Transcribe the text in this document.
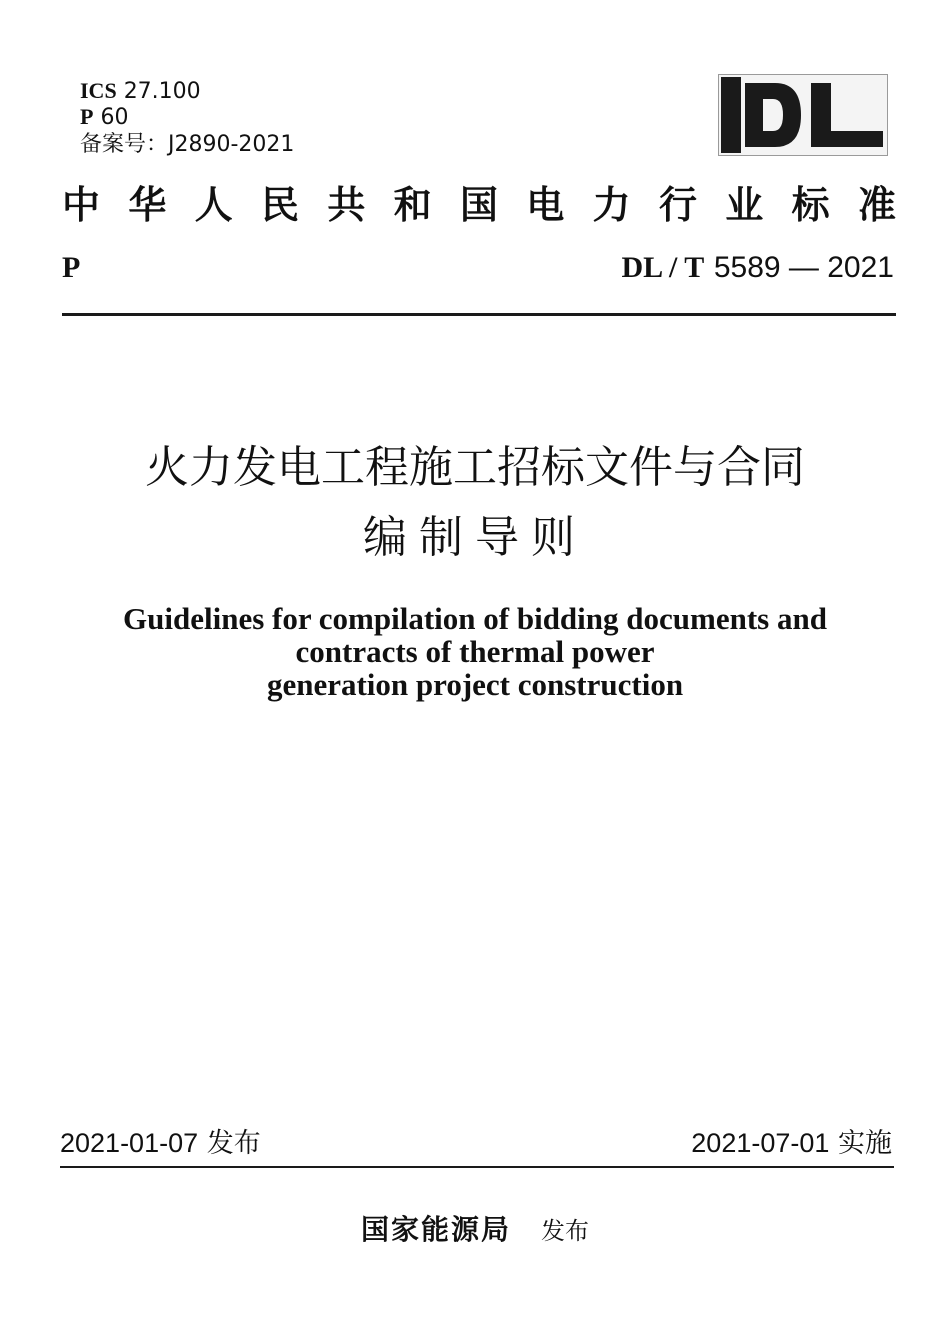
ICS 27.100
P 60
备案号：J2890-2021
中 华 人 民 共 和 国 电 力 行 业 标 准
P	DL / T 5589 — 2021
火力发电工程施工招标文件与合同
编制导则
Guidelines for compilation of bidding documents and
contracts of thermal power
generation project construction
2021-01-07 发布	2021-07-01 实施
国家能源局 发布
